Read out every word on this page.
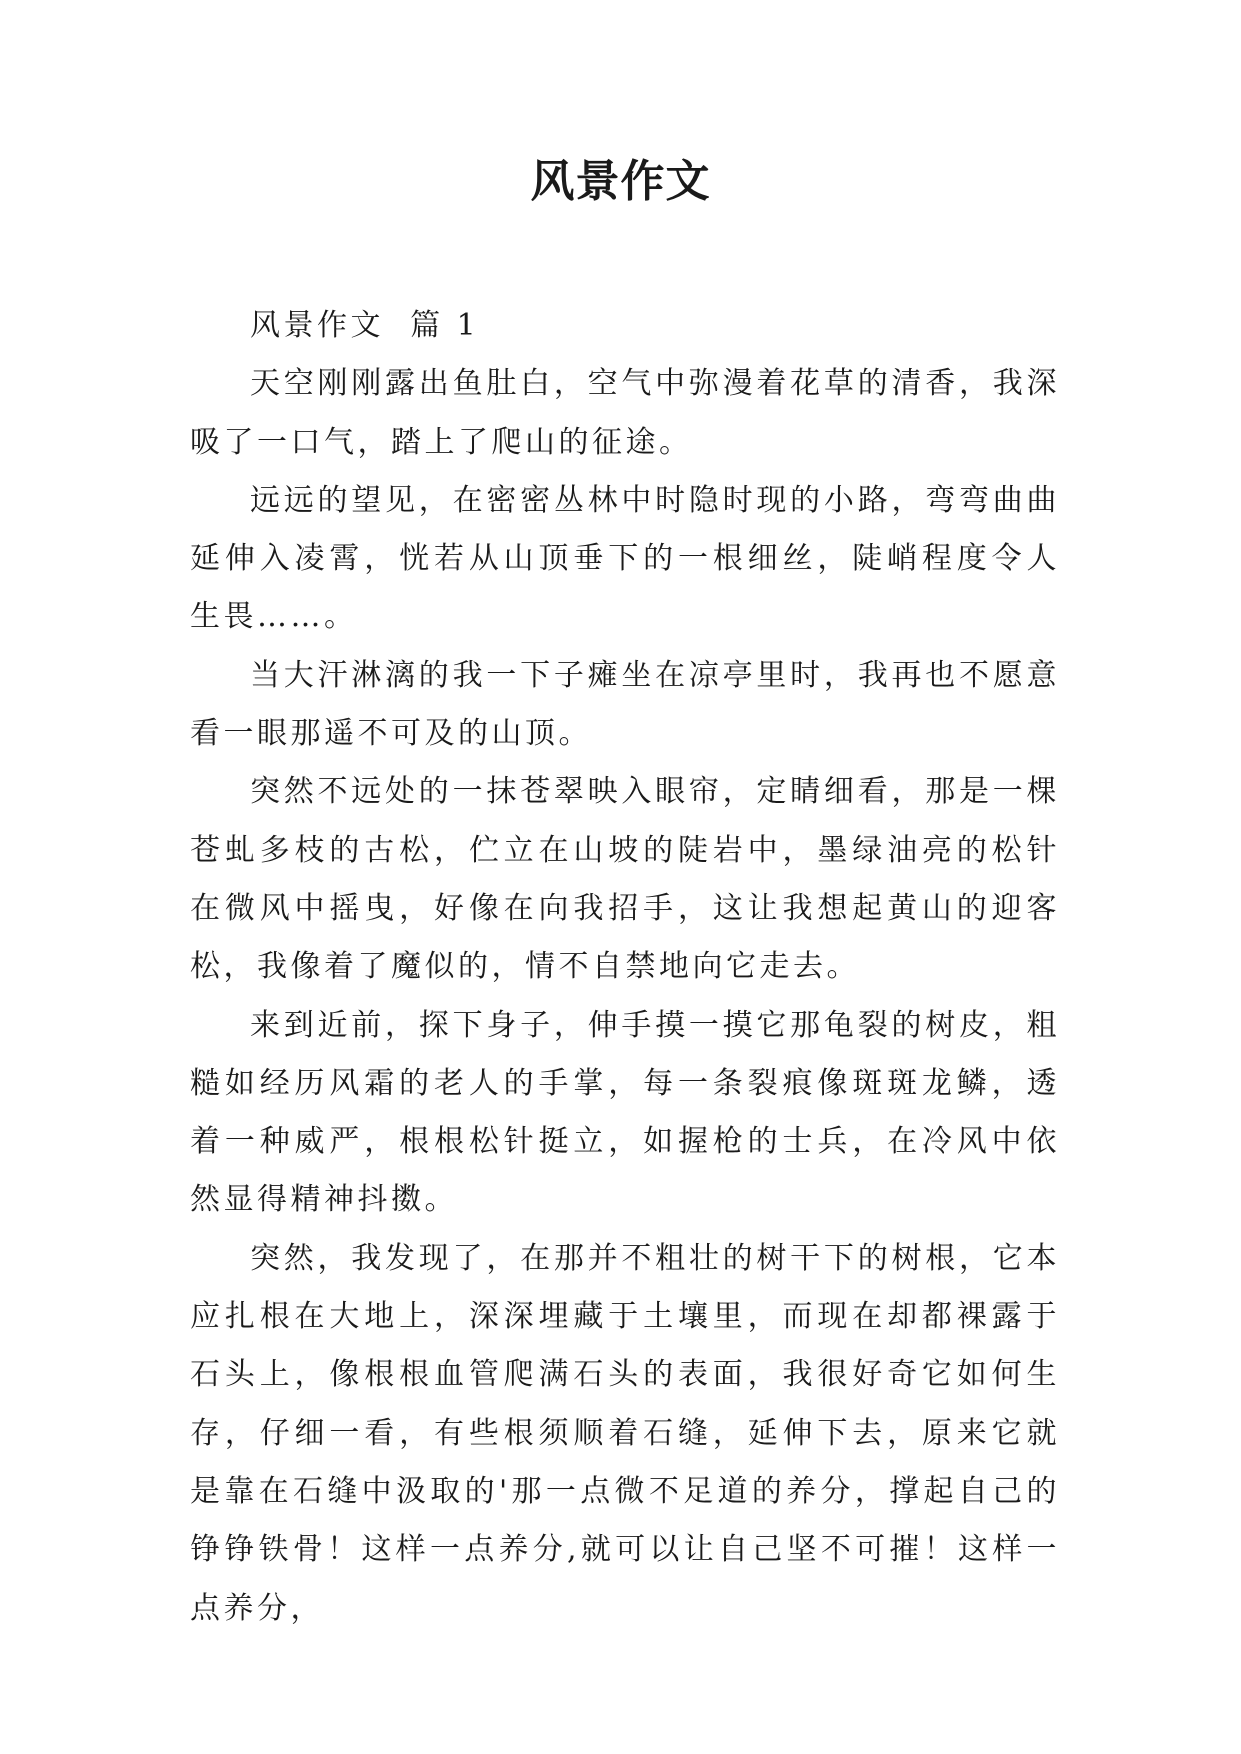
风景作文

风景作文  篇 1

天空刚刚露出鱼肚白，空气中弥漫着花草的清香，我深吸了一口气，踏上了爬山的征途。

远远的望见，在密密丛林中时隐时现的小路，弯弯曲曲延伸入凌霄，恍若从山顶垂下的一根细丝，陡峭程度令人生畏……。

当大汗淋漓的我一下子瘫坐在凉亭里时，我再也不愿意看一眼那遥不可及的山顶。

突然不远处的一抹苍翠映入眼帘，定睛细看，那是一棵苍虬多枝的古松，伫立在山坡的陡岩中，墨绿油亮的松针在微风中摇曳，好像在向我招手，这让我想起黄山的迎客松，我像着了魔似的，情不自禁地向它走去。

来到近前，探下身子，伸手摸一摸它那龟裂的树皮，粗糙如经历风霜的老人的手掌，每一条裂痕像斑斑龙鳞，透着一种威严，根根松针挺立，如握枪的士兵，在冷风中依然显得精神抖擞。

突然，我发现了，在那并不粗壮的树干下的树根，它本应扎根在大地上，深深埋藏于土壤里，而现在却都裸露于石头上，像根根血管爬满石头的表面，我很好奇它如何生存，仔细一看，有些根须顺着石缝，延伸下去，原来它就是靠在石缝中汲取的'那一点微不足道的养分，撑起自己的铮铮铁骨！这样一点养分,就可以让自己坚不可摧！这样一点养分，
